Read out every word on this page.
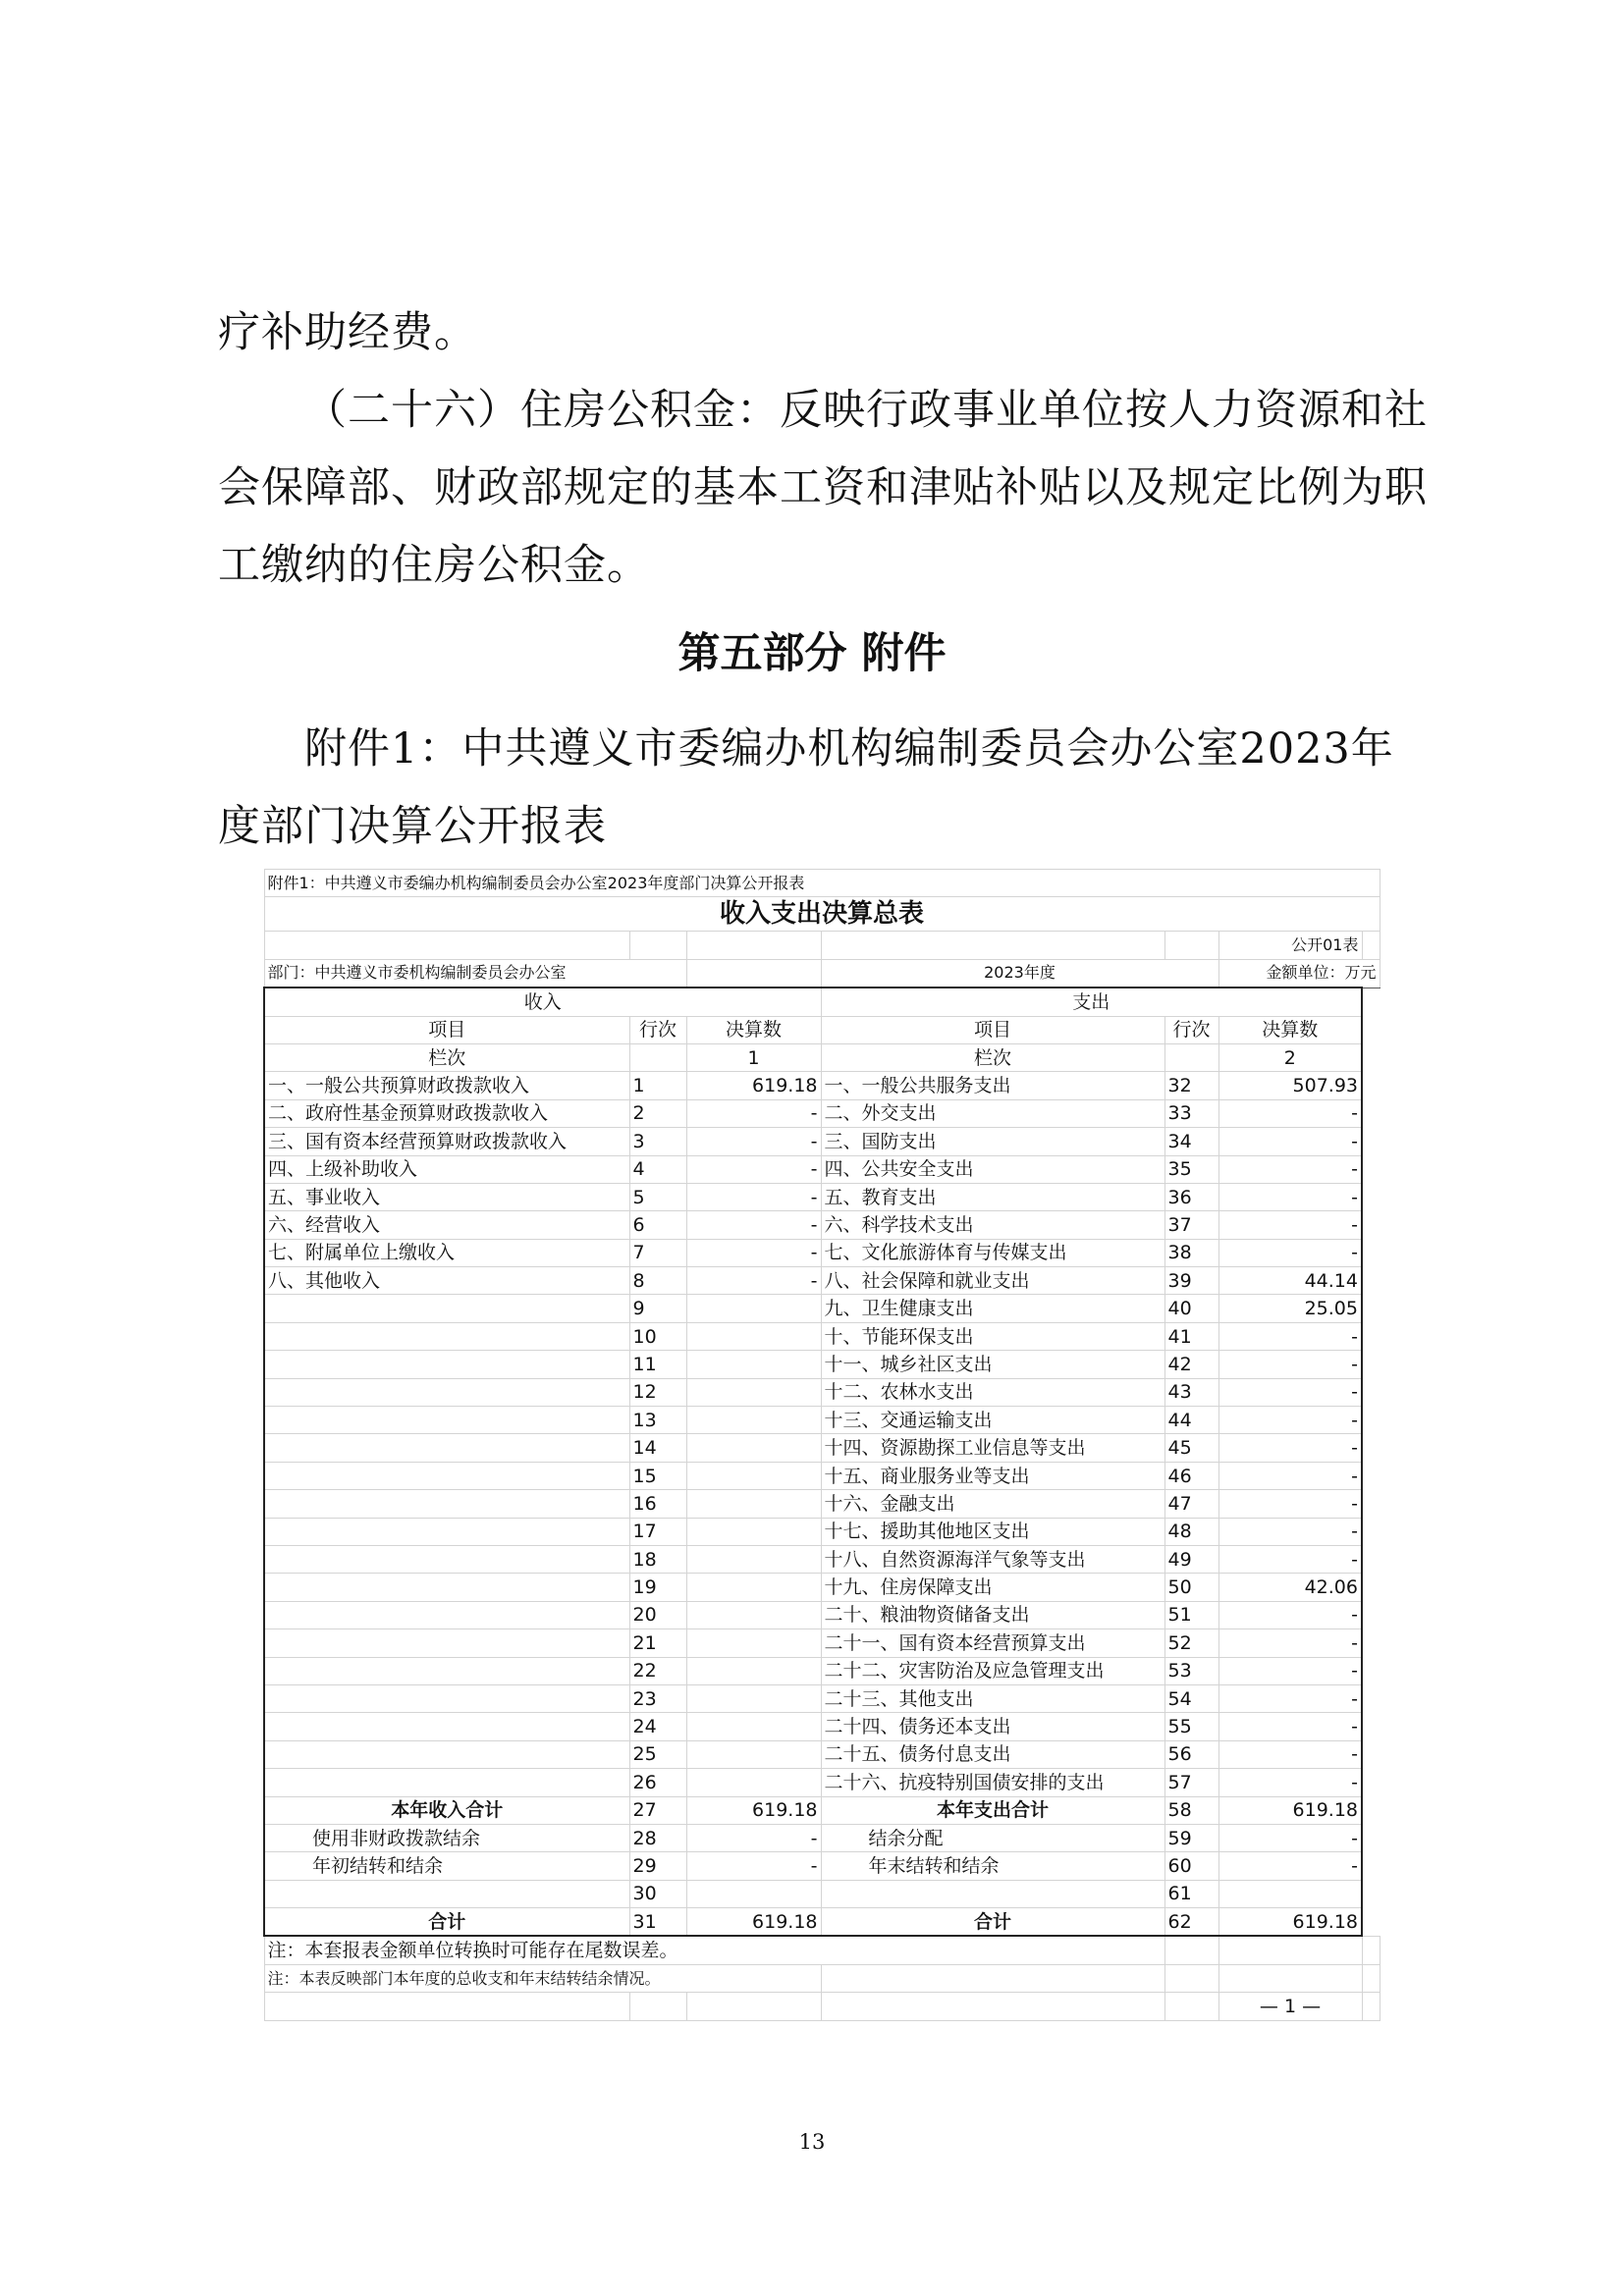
疗补助经费。
（二十六）住房公积金：反映行政事业单位按人力资源和社会保障部、财政部规定的基本工资和津贴补贴以及规定比例为职工缴纳的住房公积金。
第五部分 附件
附件1：中共遵义市委编办机构编制委员会办公室2023年度部门决算公开报表
附件1：中共遵义市委编办机构编制委员会办公室2023年度部门决算公开报表						
收入支出决算总表						
					公开01表	
部门：中共遵义市委机构编制委员会办公室			2023年度		金额单位：万元	
收入			支出			
项目	行次	决算数	项目	行次	决算数	
栏次		1	栏次		2	
一、一般公共预算财政拨款收入	1	619.18	一、一般公共服务支出	32	507.93	
二、政府性基金预算财政拨款收入	2	-	二、外交支出	33	-	
三、国有资本经营预算财政拨款收入	3	-	三、国防支出	34	-	
四、上级补助收入	4	-	四、公共安全支出	35	-	
五、事业收入	5	-	五、教育支出	36	-	
六、经营收入	6	-	六、科学技术支出	37	-	
七、附属单位上缴收入	7	-	七、文化旅游体育与传媒支出	38	-	
八、其他收入	8	-	八、社会保障和就业支出	39	44.14	
	9		九、卫生健康支出	40	25.05	
	10		十、节能环保支出	41	-	
	11		十一、城乡社区支出	42	-	
	12		十二、农林水支出	43	-	
	13		十三、交通运输支出	44	-	
	14		十四、资源勘探工业信息等支出	45	-	
	15		十五、商业服务业等支出	46	-	
	16		十六、金融支出	47	-	
	17		十七、援助其他地区支出	48	-	
	18		十八、自然资源海洋气象等支出	49	-	
	19		十九、住房保障支出	50	42.06	
	20		二十、粮油物资储备支出	51	-	
	21		二十一、国有资本经营预算支出	52	-	
	22		二十二、灾害防治及应急管理支出	53	-	
	23		二十三、其他支出	54	-	
	24		二十四、债务还本支出	55	-	
	25		二十五、债务付息支出	56	-	
	26		二十六、抗疫特别国债安排的支出	57	-	
本年收入合计	27	619.18	本年支出合计	58	619.18	
使用非财政拨款结余	28	-	结余分配	59	-	
年初结转和结余	29	-	年末结转和结余	60	-	
	30			61		
合计	31	619.18	合计	62	619.18	
注：本套报表金额单位转换时可能存在尾数误差。						
注：本表反映部门本年度的总收支和年末结转结余情况。						
					— 1 —	
13
